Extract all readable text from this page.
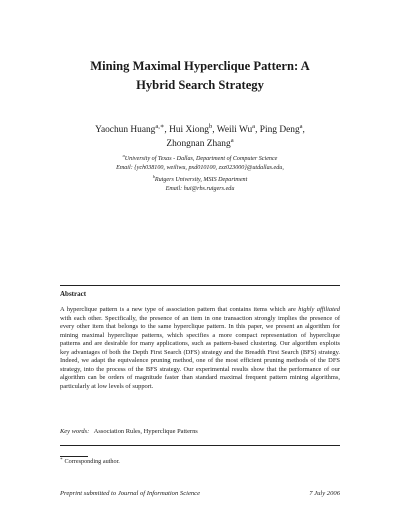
Mining Maximal Hyperclique Pattern: A
Hybrid Search Strategy
Yaochun Huang$^{a,∗}$, Hui Xiong$^b$, Weili Wu$^a$, Ping Deng$^a$,
Zhongnan Zhang$^a$
$^a$University of Texas - Dallas, Department of Computer Science
Email: {ych038100, weiliwu, pxd010100, zxz023000}@utdallas.edu,
$^b$Rutgers University, MSIS Department
Email: hui@rbs.rutgers.edu
Abstract
A hyperclique pattern is a new type of association pattern that contains items which are highly affiliated with each other. Specifically, the presence of an item in one transaction strongly implies the presence of every other item that belongs to the same hyperclique pattern. In this paper, we present an algorithm for mining maximal hyperclique patterns, which specifies a more compact representation of hyperclique patterns and are desirable for many applications, such as pattern-based clustering. Our algorithm exploits key advantages of both the Depth First Search (DFS) strategy and the Breadth First Search (BFS) strategy. Indeed, we adapt the equivalence pruning method, one of the most efficient pruning methods of the DFS strategy, into the process of the BFS strategy. Our experimental results show that the performance of our algorithm can be orders of magnitude faster than standard maximal frequent pattern mining algorithms, particularly at low levels of support.
Key words: Association Rules, Hyperclique Patterns
∗ Corresponding author.
Preprint submitted to Journal of Information Science	7 July 2006
